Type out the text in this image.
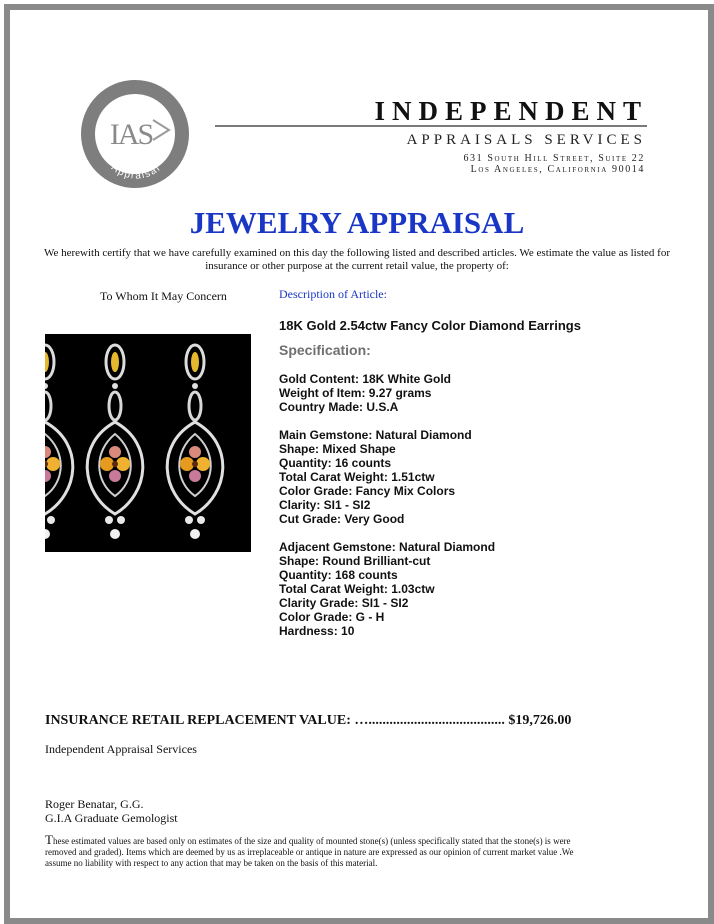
IAS
Appraisal
INDEPENDENT
APPRAISALS SERVICES
631 South Hill Street, Suite 22
Los Angeles, California 90014
JEWELRY APPRAISAL
We herewith certify that we have carefully examined on this day the following listed and described articles. We estimate the value as listed for insurance or other purpose at the current retail value, the property of:
To Whom It May Concern	Description of Article:
18K Gold 2.54ctw Fancy Color Diamond Earrings
Specification:
Gold Content: 18K White Gold
Weight of Item: 9.27 grams
Country Made: U.S.A
Main Gemstone: Natural Diamond
Shape: Mixed Shape
Quantity: 16 counts
Total Carat Weight: 1.51ctw
Color Grade: Fancy Mix Colors
Clarity: SI1 - SI2
Cut Grade: Very Good
Adjacent Gemstone: Natural Diamond
Shape: Round Brilliant-cut
Quantity: 168 counts
Total Carat Weight: 1.03ctw
Clarity Grade: SI1 - SI2
Color Grade: G - H
Hardness: 10
INSURANCE RETAIL REPLACEMENT VALUE: …....................................... $19,726.00
Independent Appraisal Services
Roger Benatar, G.G.
G.I.A Graduate Gemologist
These estimated values are based only on estimates of the size and quality of mounted stone(s) (unless specifically stated that the stone(s) is were removed and graded). Items which are deemed by us as irreplaceable or antique in nature are expressed as our opinion of current market value .We assume no liability with respect to any action that may be taken on the basis of this material.
